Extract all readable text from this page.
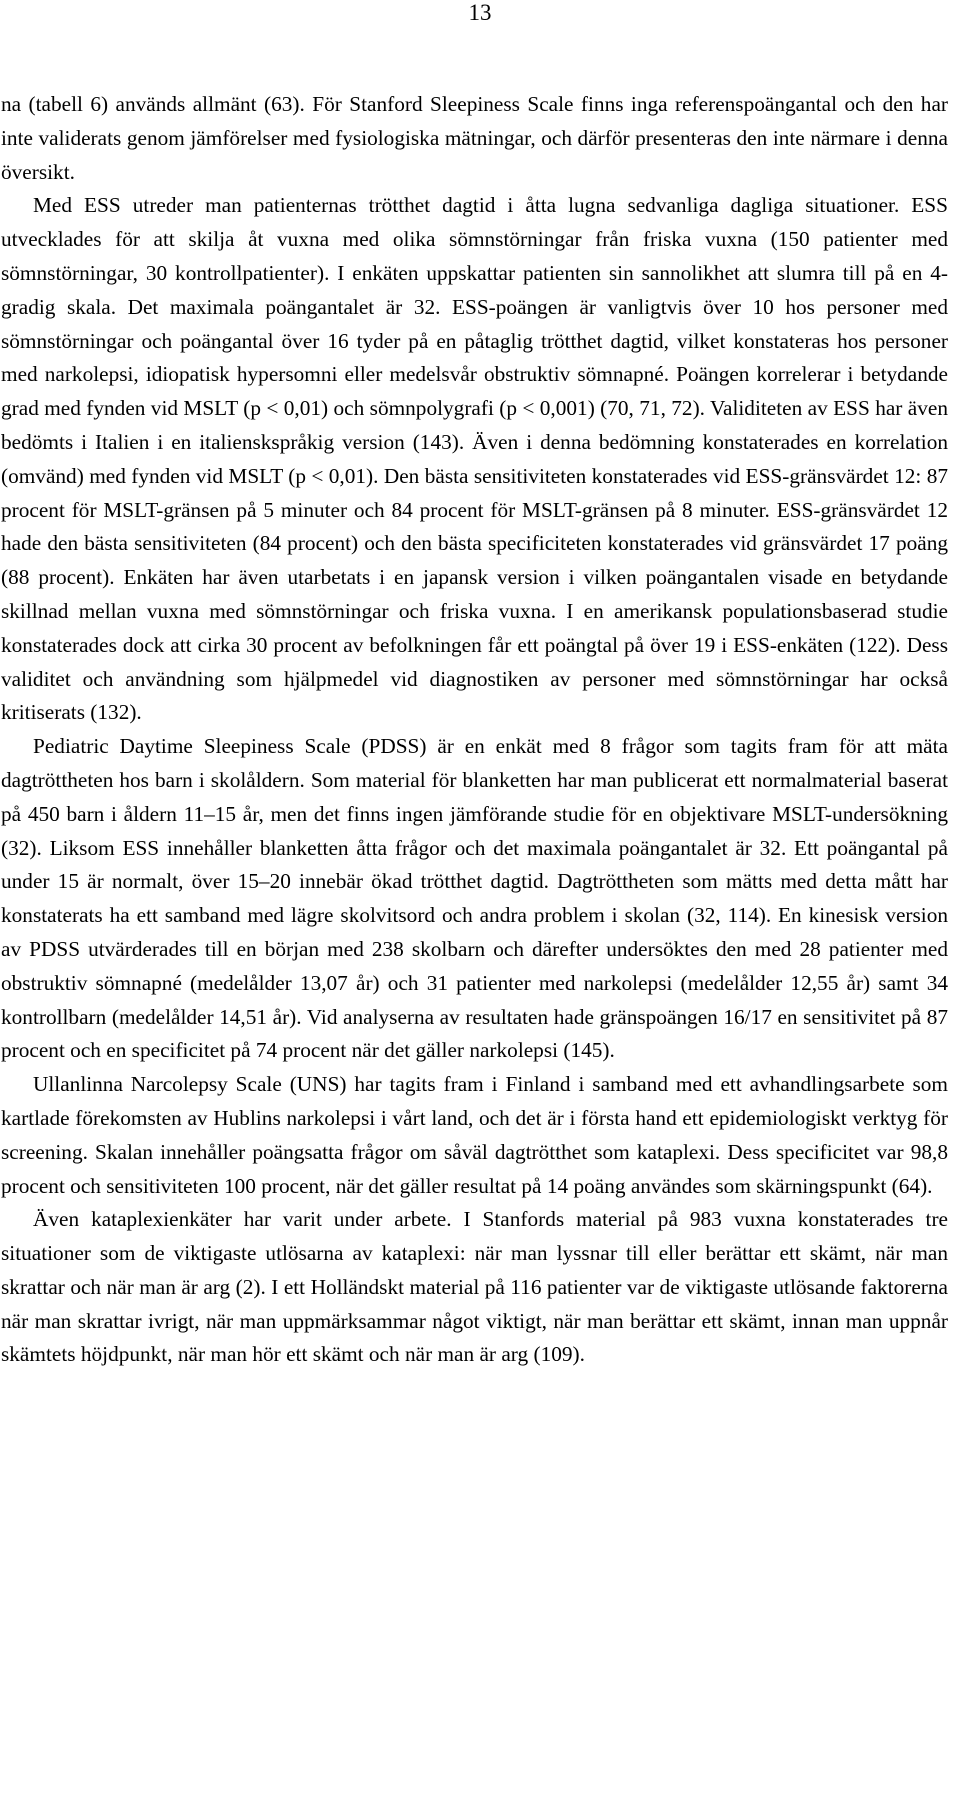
13

na (tabell 6) används allmänt (63). För Stanford Sleepiness Scale finns inga referenspoängantal och den har inte validerats genom jämförelser med fysiologiska mätningar, och därför presenteras den inte närmare i denna översikt.

Med ESS utreder man patienternas trötthet dagtid i åtta lugna sedvanliga dagliga situationer. ESS utvecklades för att skilja åt vuxna med olika sömnstörningar från friska vuxna (150 patienter med sömnstörningar, 30 kontrollpatienter). I enkäten uppskattar patienten sin sannolikhet att slumra till på en 4-gradig skala. Det maximala poängantalet är 32. ESS-poängen är vanligtvis över 10 hos personer med sömnstörningar och poängantal över 16 tyder på en påtaglig trötthet dagtid, vilket konstateras hos personer med narkolepsi, idiopatisk hypersomni eller medelsvår obstruktiv sömnapné. Poängen korrelerar i betydande grad med fynden vid MSLT (p < 0,01) och sömnpolygrafi (p < 0,001) (70, 71, 72). Validiteten av ESS har även bedömts i Italien i en italienskspråkig version (143). Även i denna bedömning konstaterades en korrelation (omvänd) med fynden vid MSLT (p < 0,01). Den bästa sensitiviteten konstaterades vid ESS-gränsvärdet 12: 87 procent för MSLT-gränsen på 5 minuter och 84 procent för MSLT-gränsen på 8 minuter. ESS-gränsvärdet 12 hade den bästa sensitiviteten (84 procent) och den bästa specificiteten konstaterades vid gränsvärdet 17 poäng (88 procent). Enkäten har även utarbetats i en japansk version i vilken poängantalen visade en betydande skillnad mellan vuxna med sömnstörningar och friska vuxna. I en amerikansk populationsbaserad studie konstaterades dock att cirka 30 procent av befolkningen får ett poängtal på över 19 i ESS-enkäten (122). Dess validitet och användning som hjälpmedel vid diagnostiken av personer med sömnstörningar har också kritiserats (132).

Pediatric Daytime Sleepiness Scale (PDSS) är en enkät med 8 frågor som tagits fram för att mäta dagtröttheten hos barn i skolåldern. Som material för blanketten har man publicerat ett normalmaterial baserat på 450 barn i åldern 11–15 år, men det finns ingen jämförande studie för en objektivare MSLT-undersökning (32). Liksom ESS innehåller blanketten åtta frågor och det maximala poängantalet är 32. Ett poängantal på under 15 är normalt, över 15–20 innebär ökad trötthet dagtid. Dagtröttheten som mätts med detta mått har konstaterats ha ett samband med lägre skolvitsord och andra problem i skolan (32, 114). En kinesisk version av PDSS utvärderades till en början med 238 skolbarn och därefter undersöktes den med 28 patienter med obstruktiv sömnapné (medelålder 13,07 år) och 31 patienter med narkolepsi (medelålder 12,55 år) samt 34 kontrollbarn (medelålder 14,51 år). Vid analyserna av resultaten hade gränspoängen 16/17 en sensitivitet på 87 procent och en specificitet på 74 procent när det gäller narkolepsi (145).

Ullanlinna Narcolepsy Scale (UNS) har tagits fram i Finland i samband med ett avhandlingsarbete som kartlade förekomsten av Hublins narkolepsi i vårt land, och det är i första hand ett epidemiologiskt verktyg för screening. Skalan innehåller poängsatta frågor om såväl dagtrötthet som kataplexi. Dess specificitet var 98,8 procent och sensitiviteten 100 procent, när det gäller resultat på 14 poäng användes som skärningspunkt (64).

Även kataplexienkäter har varit under arbete. I Stanfords material på 983 vuxna konstaterades tre situationer som de viktigaste utlösarna av kataplexi: när man lyssnar till eller berättar ett skämt, när man skrattar och när man är arg (2). I ett Holländskt material på 116 patienter var de viktigaste utlösande faktorerna när man skrattar ivrigt, när man uppmärksammar något viktigt, när man berättar ett skämt, innan man uppnår skämtets höjdpunkt, när man hör ett skämt och när man är arg (109).
